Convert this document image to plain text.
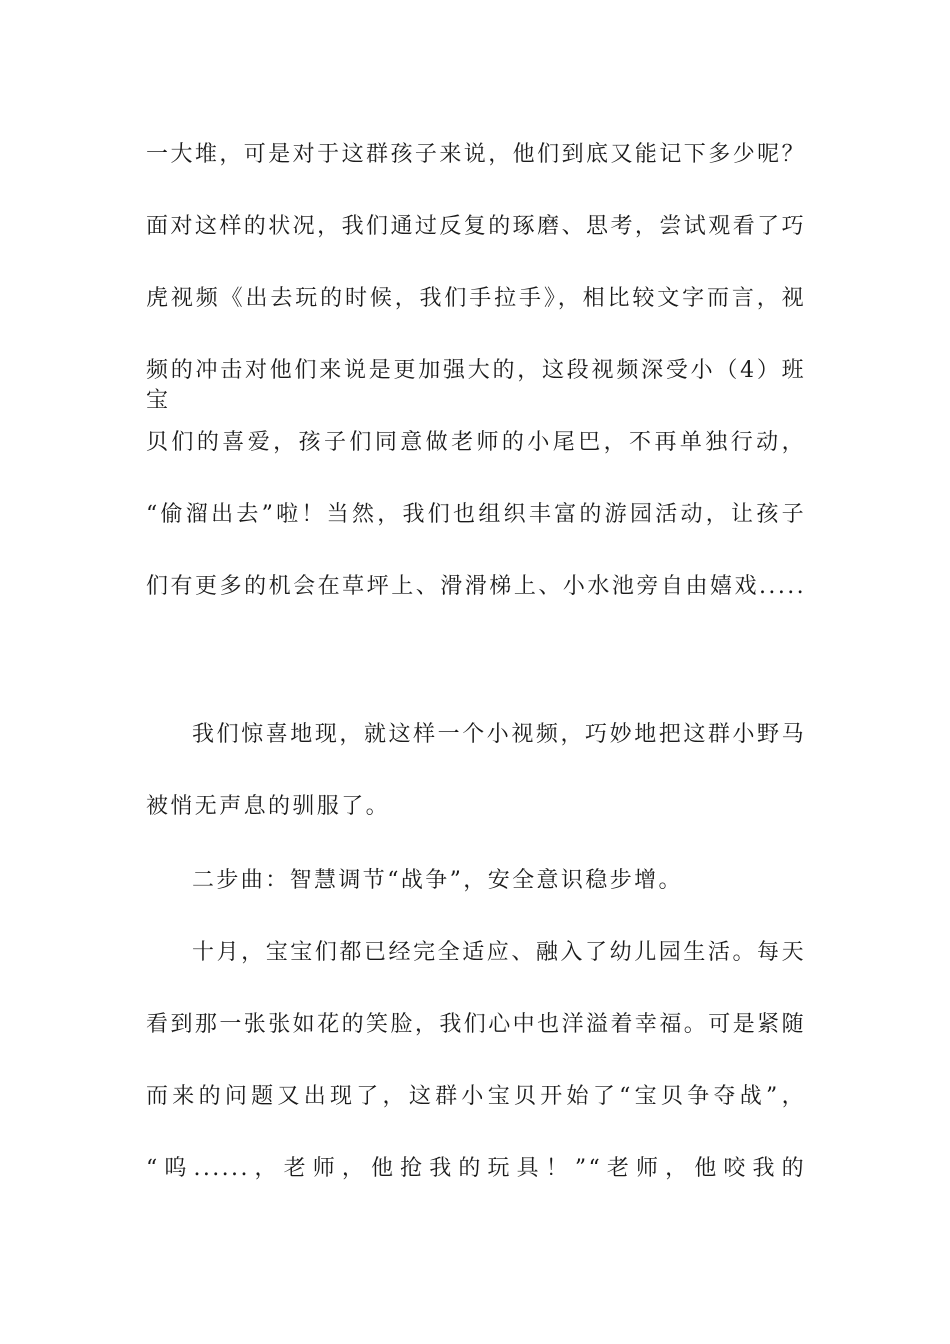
一大堆，可是对于这群孩子来说，他们到底又能记下多少呢？
面对这样的状况，我们通过反复的琢磨、思考，尝试观看了巧
虎视频《出去玩的时候，我们手拉手》，相比较文字而言，视
频的冲击对他们来说是更加强大的，这段视频深受小（4）班宝
贝们的喜爱，孩子们同意做老师的小尾巴，不再单独行动，
“偷溜出去”啦！当然，我们也组织丰富的游园活动，让孩子
们有更多的机会在草坪上、滑滑梯上、小水池旁自由嬉戏.....
我们惊喜地现，就这样一个小视频，巧妙地把这群小野马
被悄无声息的驯服了。
二步曲：智慧调节“战争”，安全意识稳步增。
十月，宝宝们都已经完全适应、融入了幼儿园生活。每天
看到那一张张如花的笑脸，我们心中也洋溢着幸福。可是紧随
而来的问题又出现了，这群小宝贝开始了“宝贝争夺战”，
“呜......，老师，他抢我的玩具！”“老师，他咬我的
